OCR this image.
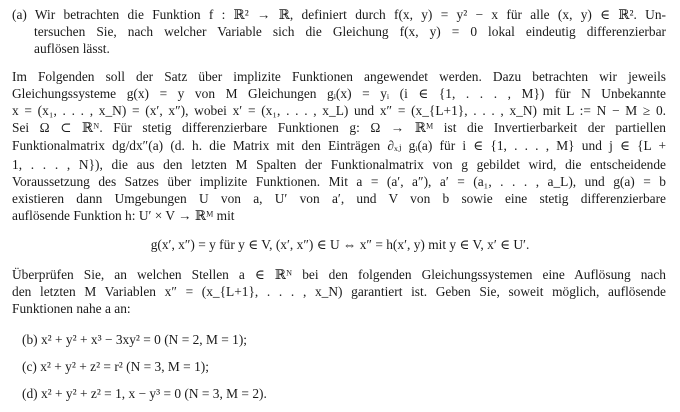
(a) Wir betrachten die Funktion f : ℝ² → ℝ, definiert durch f(x, y) = y² − x für alle (x, y) ∈ ℝ². Un-
tersuchen Sie, nach welcher Variable sich die Gleichung f(x, y) = 0 lokal eindeutig differenzierbar
auflösen lässt.
Im Folgenden soll der Satz über implizite Funktionen angewendet werden. Dazu betrachten wir jeweils
Gleichungssysteme g(x) = y von M Gleichungen gᵢ(x) = yᵢ (i ∈ {1, . . . , M}) für N Unbekannte
x = (x₁, . . . , x_N) = (x′, x″), wobei x′ = (x₁, . . . , x_L) und x″ = (x_{L+1}, . . . , x_N) mit L := N − M ≥ 0.
Sei Ω ⊂ ℝᴺ. Für stetig differenzierbare Funktionen g: Ω → ℝᴹ ist die Invertierbarkeit der partiellen
Funktionalmatrix dg/dx″(a) (d. h. die Matrix mit den Einträgen ∂ₓⱼ gᵢ(a) für i ∈ {1, . . . , M} und j ∈ {L +
1, . . . , N}), die aus den letzten M Spalten der Funktionalmatrix von g gebildet wird, die entscheidende
Voraussetzung des Satzes über implizite Funktionen. Mit a = (a′, a″), a′ = (a₁, . . . , a_L), und g(a) = b
existieren dann Umgebungen U von a, U′ von a′, und V von b sowie eine stetig differenzierbare
auflösende Funktion h: U′ × V → ℝᴹ mit
g(x′, x″) = y für y ∈ V, (x′, x″) ∈ U ⇔ x″ = h(x′, y) mit y ∈ V, x′ ∈ U′.
Überprüfen Sie, an welchen Stellen a ∈ ℝᴺ bei den folgenden Gleichungssystemen eine Auflösung nach
den letzten M Variablen x″ = (x_{L+1}, . . . , x_N) garantiert ist. Geben Sie, soweit möglich, auflösende
Funktionen nahe a an:
(b) x² + y² + x³ − 3xy² = 0 (N = 2, M = 1);
(c) x² + y² + z² = r² (N = 3, M = 1);
(d) x² + y² + z² = 1, x − y³ = 0 (N = 3, M = 2).
